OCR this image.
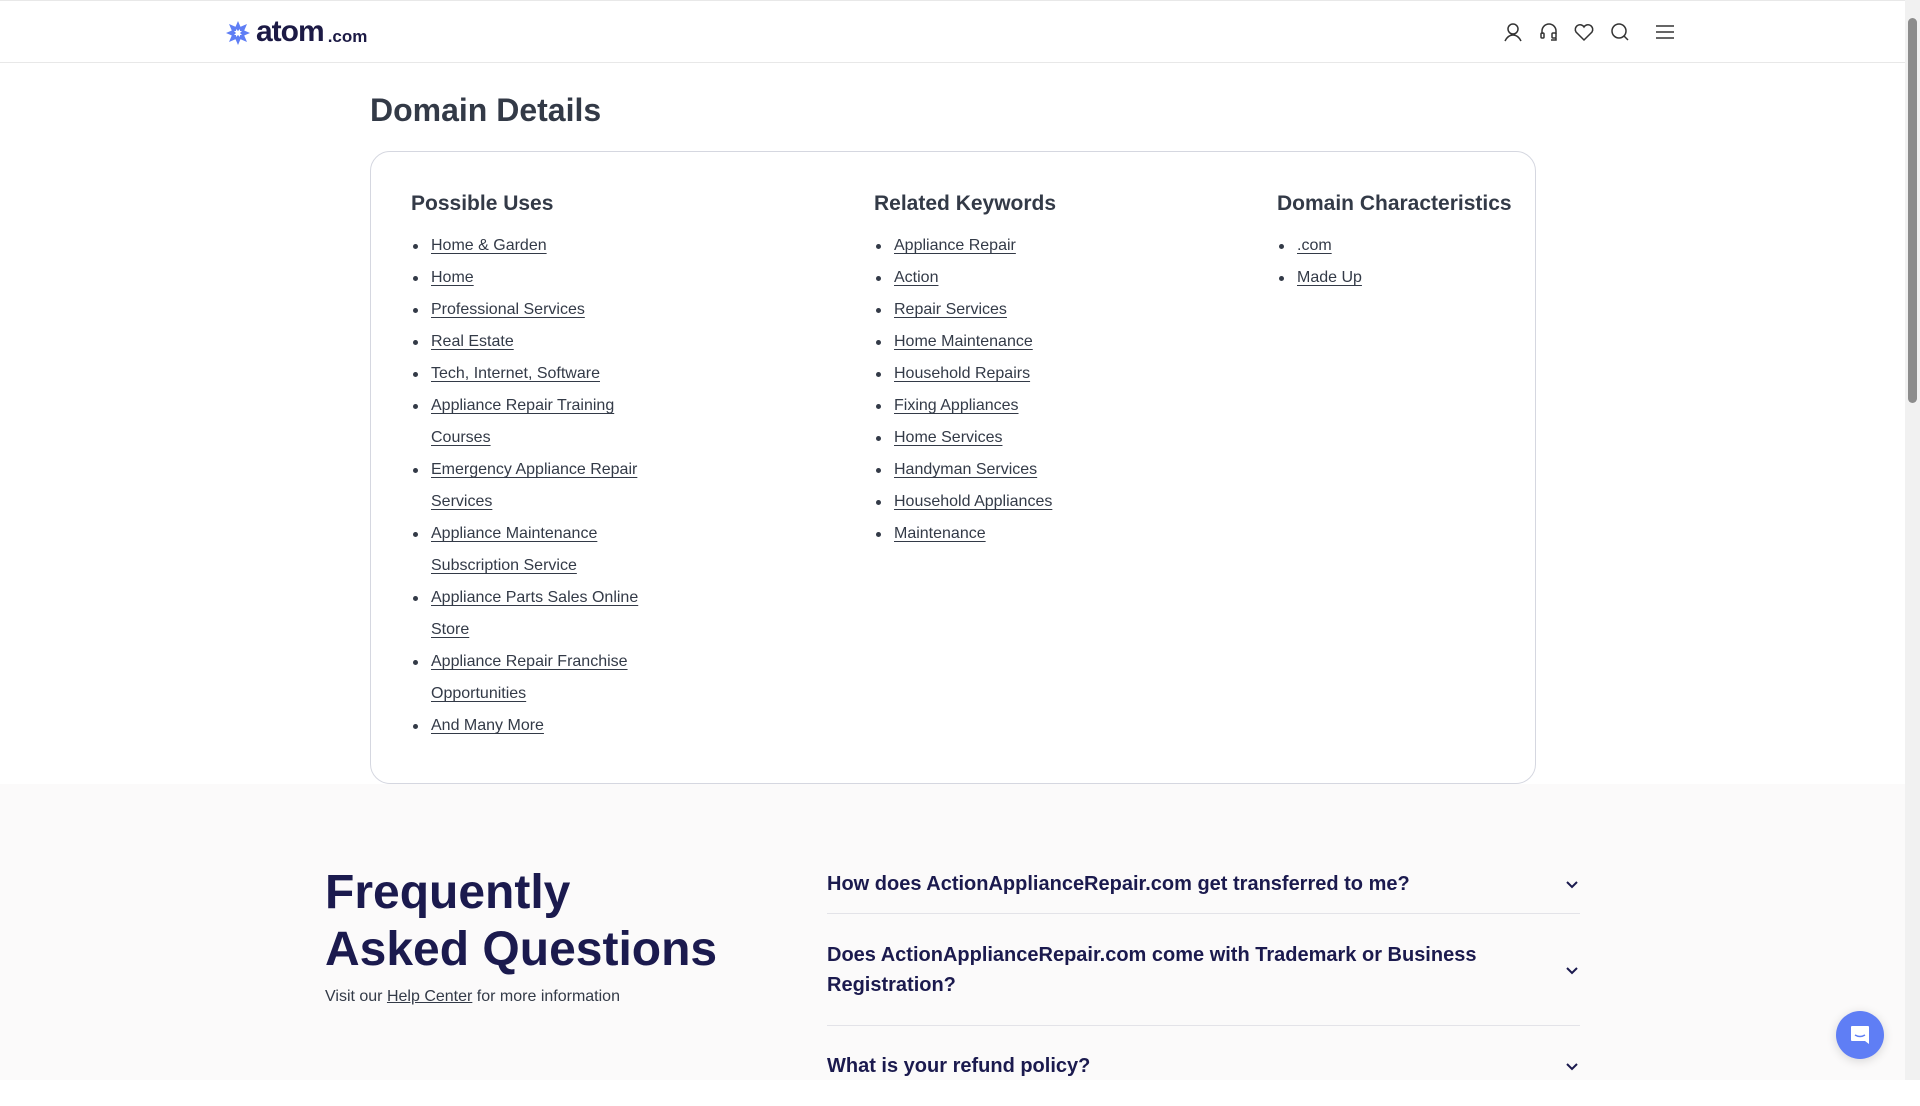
atom .com
Domain Details
Possible Uses
Home & Garden
Home
Professional Services
Real Estate
Tech, Internet, Software
Appliance Repair Training Courses
Emergency Appliance Repair Services
Appliance Maintenance Subscription Service
Appliance Parts Sales Online Store
Appliance Repair Franchise Opportunities
And Many More
Related Keywords
Appliance Repair
Action
Repair Services
Home Maintenance
Household Repairs
Fixing Appliances
Home Services
Handyman Services
Household Appliances
Maintenance
Domain Characteristics
.com
Made Up
Frequently Asked Questions
Visit our Help Center for more information
How does ActionApplianceRepair.com get transferred to me?
Does ActionApplianceRepair.com come with Trademark or Business Registration?
What is your refund policy?
